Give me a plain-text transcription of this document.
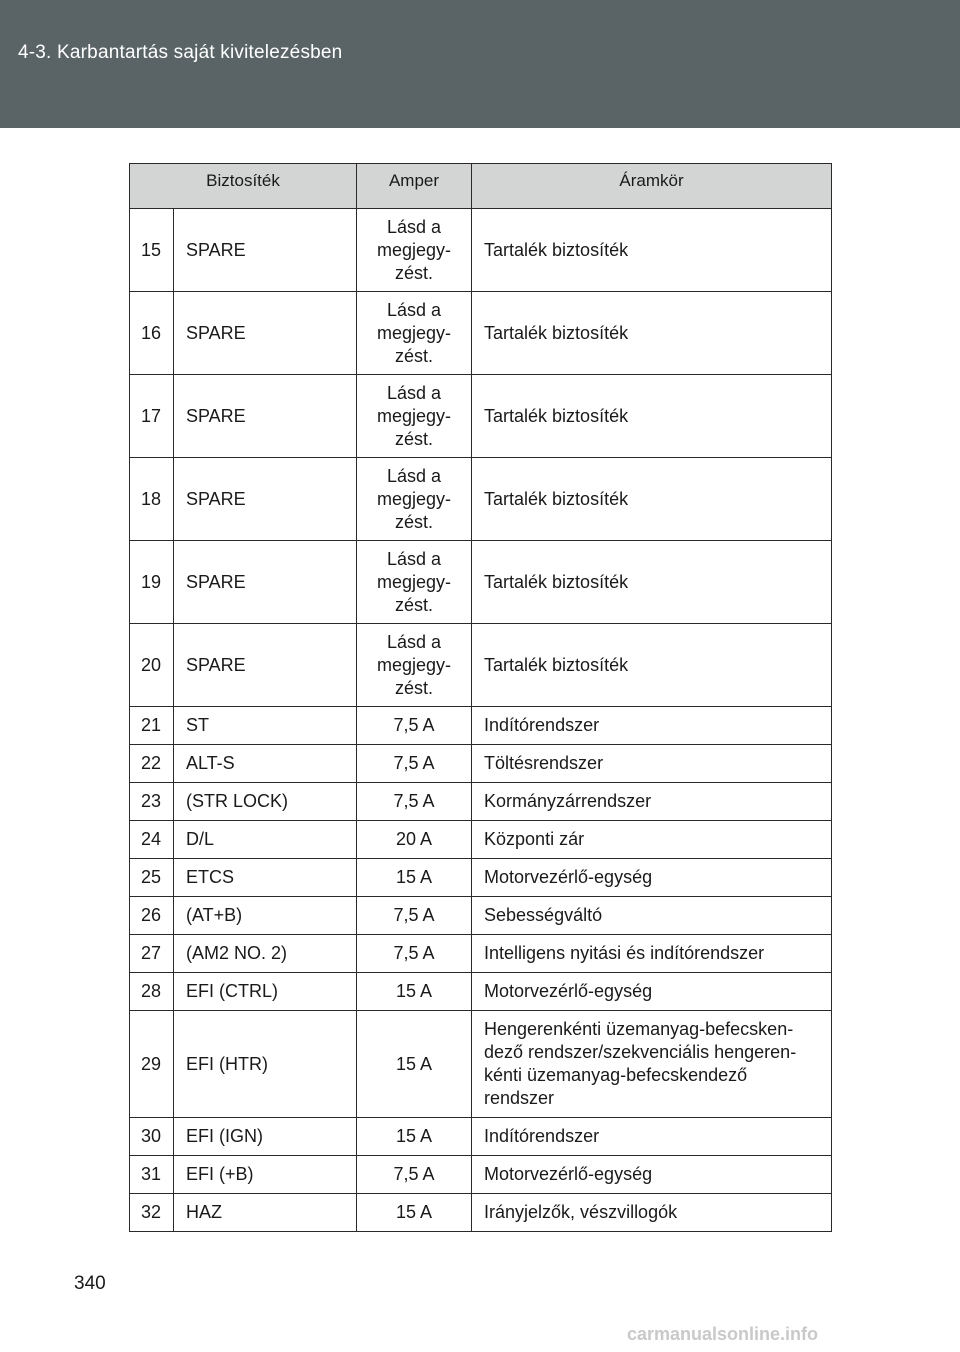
4-3. Karbantartás saját kivitelezésben
Biztosíték		Amper	Áramkör
15	SPARE	Lásd a
megjegy-
zést.	Tartalék biztosíték
16	SPARE	Lásd a
megjegy-
zést.	Tartalék biztosíték
17	SPARE	Lásd a
megjegy-
zést.	Tartalék biztosíték
18	SPARE	Lásd a
megjegy-
zést.	Tartalék biztosíték
19	SPARE	Lásd a
megjegy-
zést.	Tartalék biztosíték
20	SPARE	Lásd a
megjegy-
zést.	Tartalék biztosíték
21	ST	7,5 A	Indítórendszer
22	ALT-S	7,5 A	Töltésrendszer
23	(STR LOCK)	7,5 A	Kormányzárrendszer
24	D/L	20 A	Központi zár
25	ETCS	15 A	Motorvezérlő-egység
26	(AT+B)	7,5 A	Sebességváltó
27	(AM2 NO. 2)	7,5 A	Intelligens nyitási és indítórendszer
28	EFI (CTRL)	15 A	Motorvezérlő-egység
29	EFI (HTR)	15 A	Hengerenkénti üzemanyag-befecsken-
dező rendszer/szekvenciális hengeren-
kénti üzemanyag-befecskendező
rendszer
30	EFI (IGN)	15 A	Indítórendszer
31	EFI (+B)	7,5 A	Motorvezérlő-egység
32	HAZ	15 A	Irányjelzők, vészvillogók
340
carmanualsonline.info
